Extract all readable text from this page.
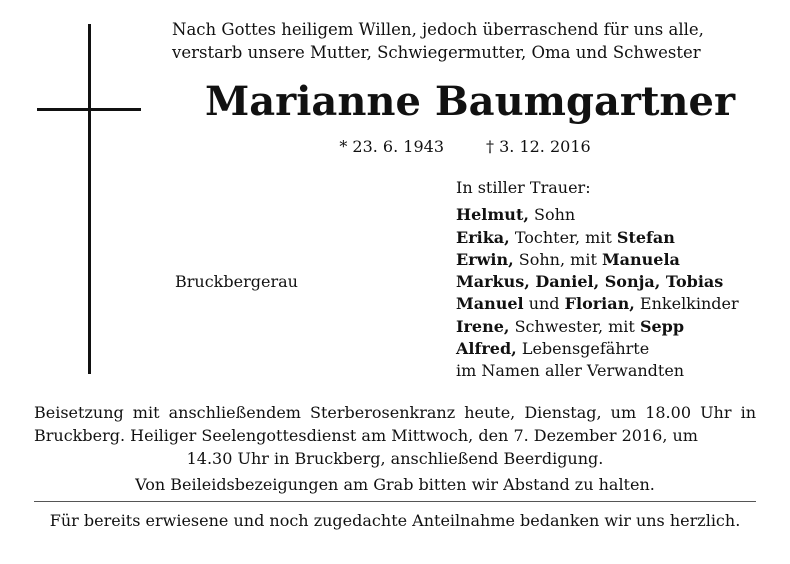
Nach Gottes heiligem Willen, jedoch überraschend für uns alle,
verstarb unsere Mutter, Schwiegermutter, Oma und Schwester
Marianne Baumgartner
* 23. 6. 1943	† 3. 12. 2016
Bruckbergerau
In stiller Trauer:
Helmut, Sohn
Erika, Tochter, mit Stefan
Erwin, Sohn, mit Manuela
Markus, Daniel, Sonja, Tobias
Manuel und Florian, Enkelkinder
Irene, Schwester, mit Sepp
Alfred, Lebensgefährte
im Namen aller Verwandten
Beisetzung mit anschließendem Sterberosenkranz heute, Dienstag, um 18.00 Uhr in Bruckberg. Heiliger Seelengottesdienst am Mittwoch, den 7. Dezember 2016, um
14.30 Uhr in Bruckberg, anschließend Beerdigung.
Von Beileidsbezeigungen am Grab bitten wir Abstand zu halten.
Für bereits erwiesene und noch zugedachte Anteilnahme bedanken wir uns herzlich.
